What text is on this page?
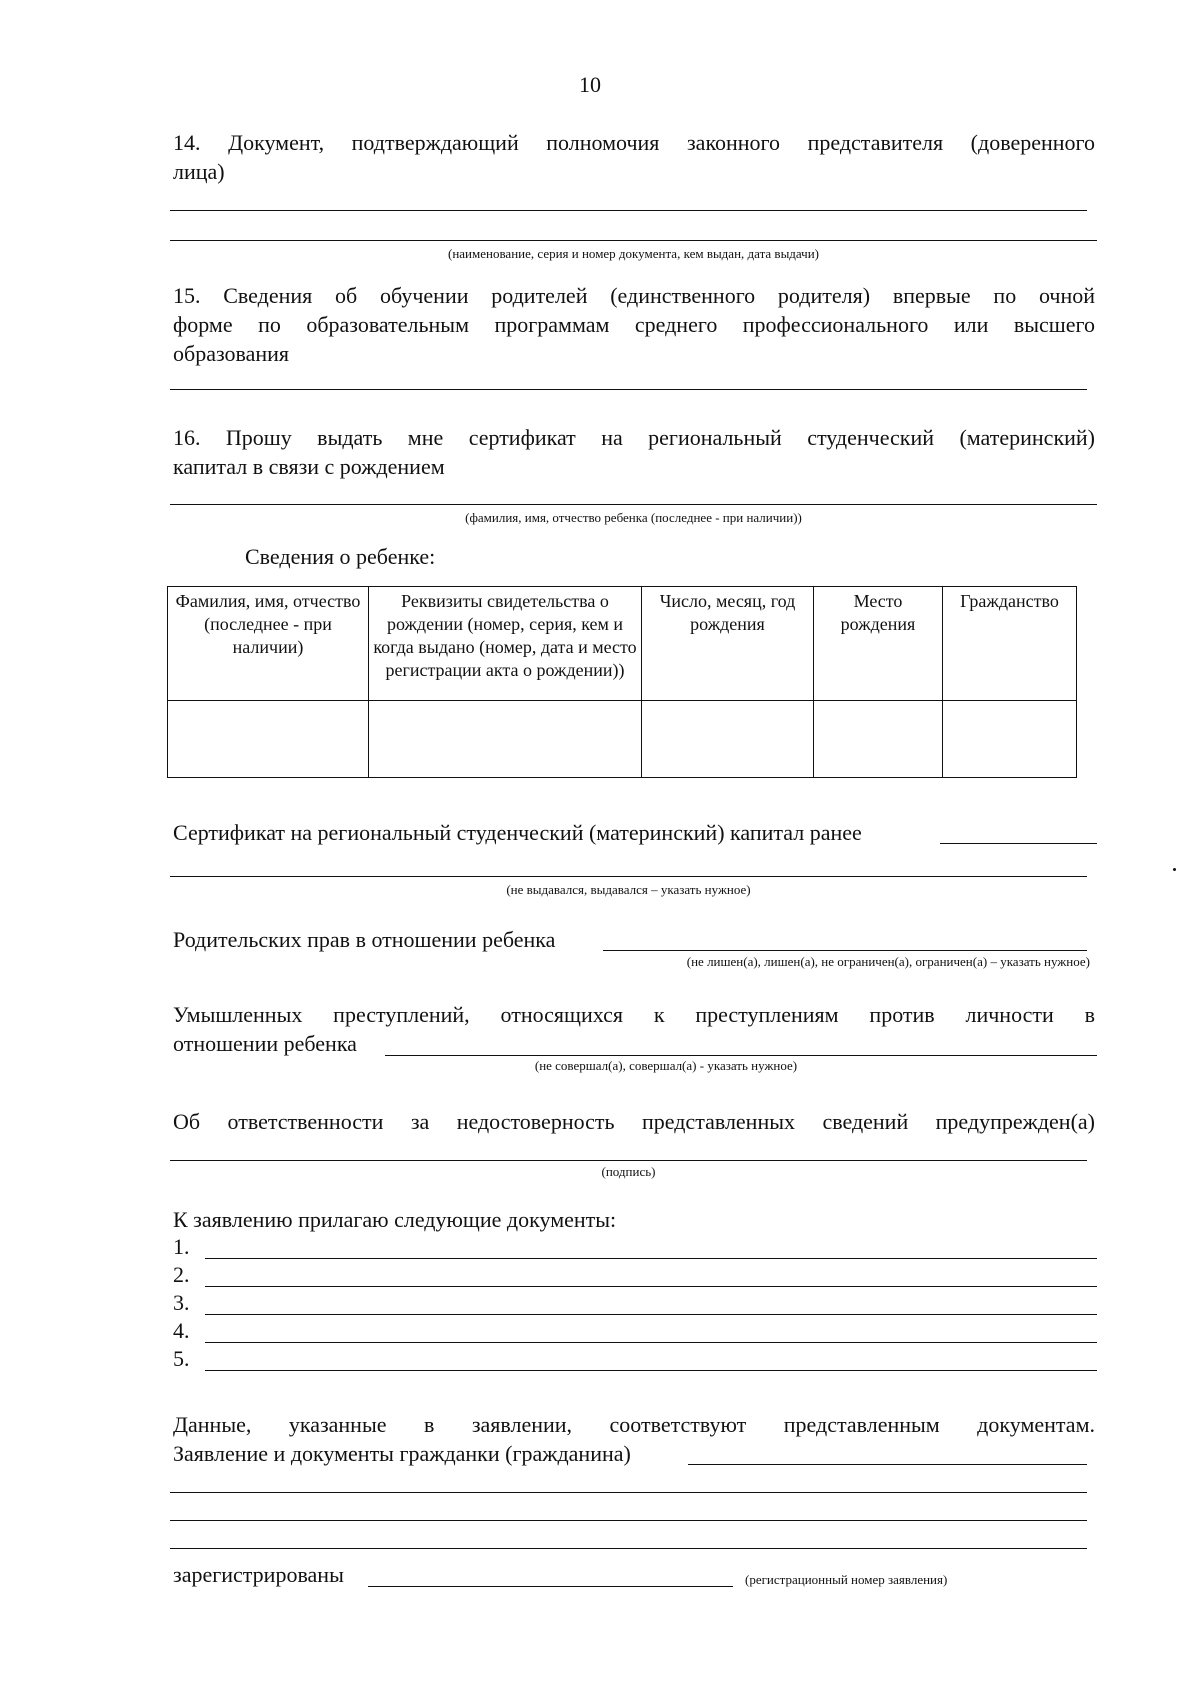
10
14. Документ, подтверждающий полномочия законного представителя (доверенного
лица)
(наименование, серия и номер документа, кем выдан, дата выдачи)
15. Сведения об обучении родителей (единственного родителя) впервые по очной
форме по образовательным программам среднего профессионального или высшего
образования
16. Прошу выдать мне сертификат на региональный студенческий (материнский)
капитал в связи с рождением
(фамилия, имя, отчество ребенка (последнее - при наличии))
Сведения о ребенке:
Фамилия, имя, отчество (последнее - при наличии)	Реквизиты свидетельства о рождении (номер, серия, кем и когда выдано (номер, дата и место регистрации акта о рождении))	Число, месяц, год рождения	Место рождения	Гражданство

Сертификат на региональный студенческий (материнский) капитал ранее
(не выдавался, выдавался – указать нужное)
Родительских прав в отношении ребенка
(не лишен(а), лишен(а), не ограничен(а), ограничен(а) – указать нужное)
Умышленных преступлений, относящихся к преступлениям против личности в
отношении ребенка
(не совершал(а), совершал(а) - указать нужное)
Об ответственности за недостоверность представленных сведений предупрежден(а)
(подпись)
К заявлению прилагаю следующие документы:
1.
2.
3.
4.
5.
Данные, указанные в заявлении, соответствуют представленным документам.
Заявление и документы гражданки (гражданина)
зарегистрированы	(регистрационный номер заявления)
